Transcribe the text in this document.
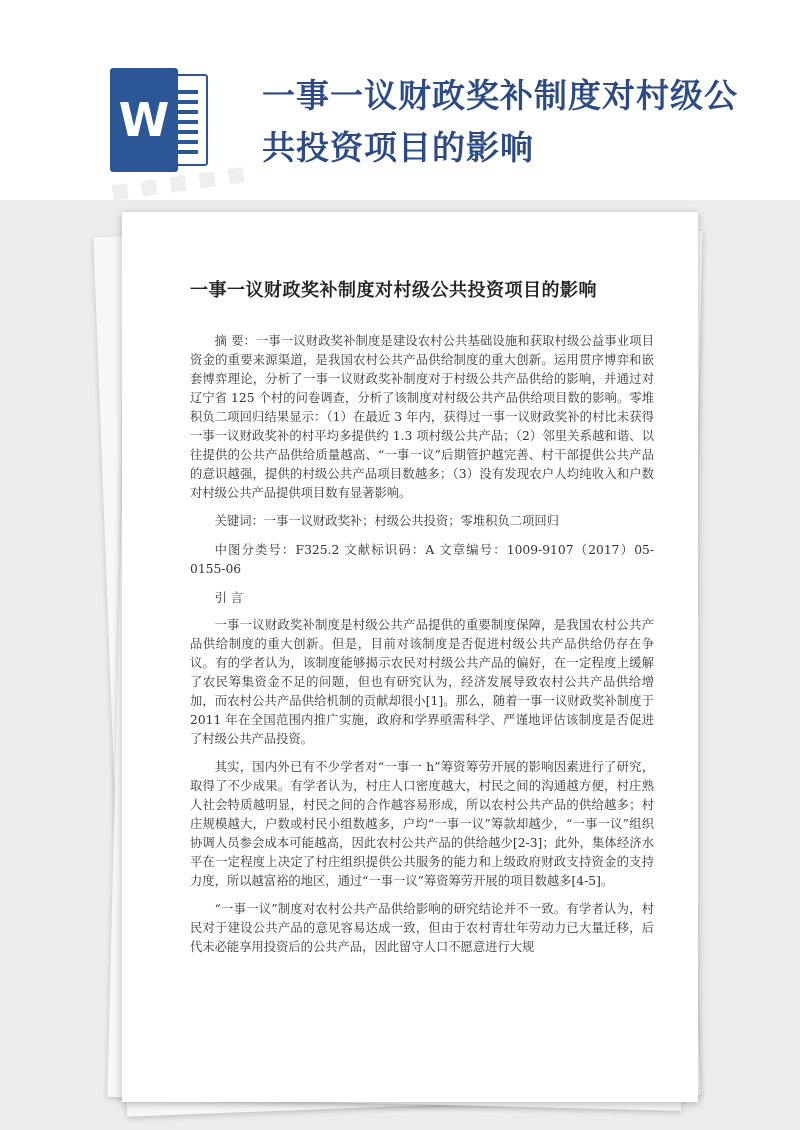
W	一事一议财政奖补制度对村级公共投资项目的影响
一事一议财政奖补制度对村级公共投资项目的影响

摘 要：一事一议财政奖补制度是建设农村公共基础设施和获取村级公益事业项目资金的重要来源渠道，是我国农村公共产品供给制度的重大创新。运用贯序博弈和嵌套博弈理论，分析了一事一议财政奖补制度对于村级公共产品供给的影响，并通过对辽宁省 125 个村的问卷调查，分析了该制度对村级公共产品供给项目数的影响。零堆积负二项回归结果显示：（1）在最近 3 年内，获得过一事一议财政奖补的村比未获得一事一议财政奖补的村平均多提供约 1.3 项村级公共产品；（2）邻里关系越和谐、以往提供的公共产品供给质量越高、“一事一议”后期管护越完善、村干部提供公共产品的意识越强，提供的村级公共产品项目数越多；（3）没有发现农户人均纯收入和户数对村级公共产品提供项目数有显著影响。

关键词：一事一议财政奖补；村级公共投资；零堆积负二项回归

中图分类号：F325.2 文献标识码：A 文章编号：1009-9107（2017）05-0155-06

引 言

一事一议财政奖补制度是村级公共产品提供的重要制度保障，是我国农村公共产品供给制度的重大创新。但是，目前对该制度是否促进村级公共产品供给仍存在争议。有的学者认为，该制度能够揭示农民对村级公共产品的偏好，在一定程度上缓解了农民筹集资金不足的问题，但也有研究认为，经济发展导致农村公共产品供给增加，而农村公共产品供给机制的贡献却很小[1]。那么，随着一事一议财政奖补制度于 2011 年在全国范围内推广实施，政府和学界亟需科学、严谨地评估该制度是否促进了村级公共产品投资。

其实，国内外已有不少学者对“一事一 h”筹资筹劳开展的影响因素进行了研究，取得了不少成果。有学者认为，村庄人口密度越大，村民之间的沟通越方便，村庄熟人社会特质越明显，村民之间的合作越容易形成，所以农村公共产品的供给越多；村庄规模越大，户数或村民小组数越多，户均“一事一议”筹款却越少，“一事一议”组织协调人员参会成本可能越高，因此农村公共产品的供给越少[2-3]；此外，集体经济水平在一定程度上决定了村庄组织提供公共服务的能力和上级政府财政支持资金的支持力度，所以越富裕的地区，通过“一事一议”筹资筹劳开展的项目数越多[4-5]。

“一事一议”制度对农村公共产品供给影响的研究结论并不一致。有学者认为，村民对于建设公共产品的意见容易达成一致，但由于农村青壮年劳动力已大量迁移，后代未必能享用投资后的公共产品，因此留守人口不愿意进行大规
